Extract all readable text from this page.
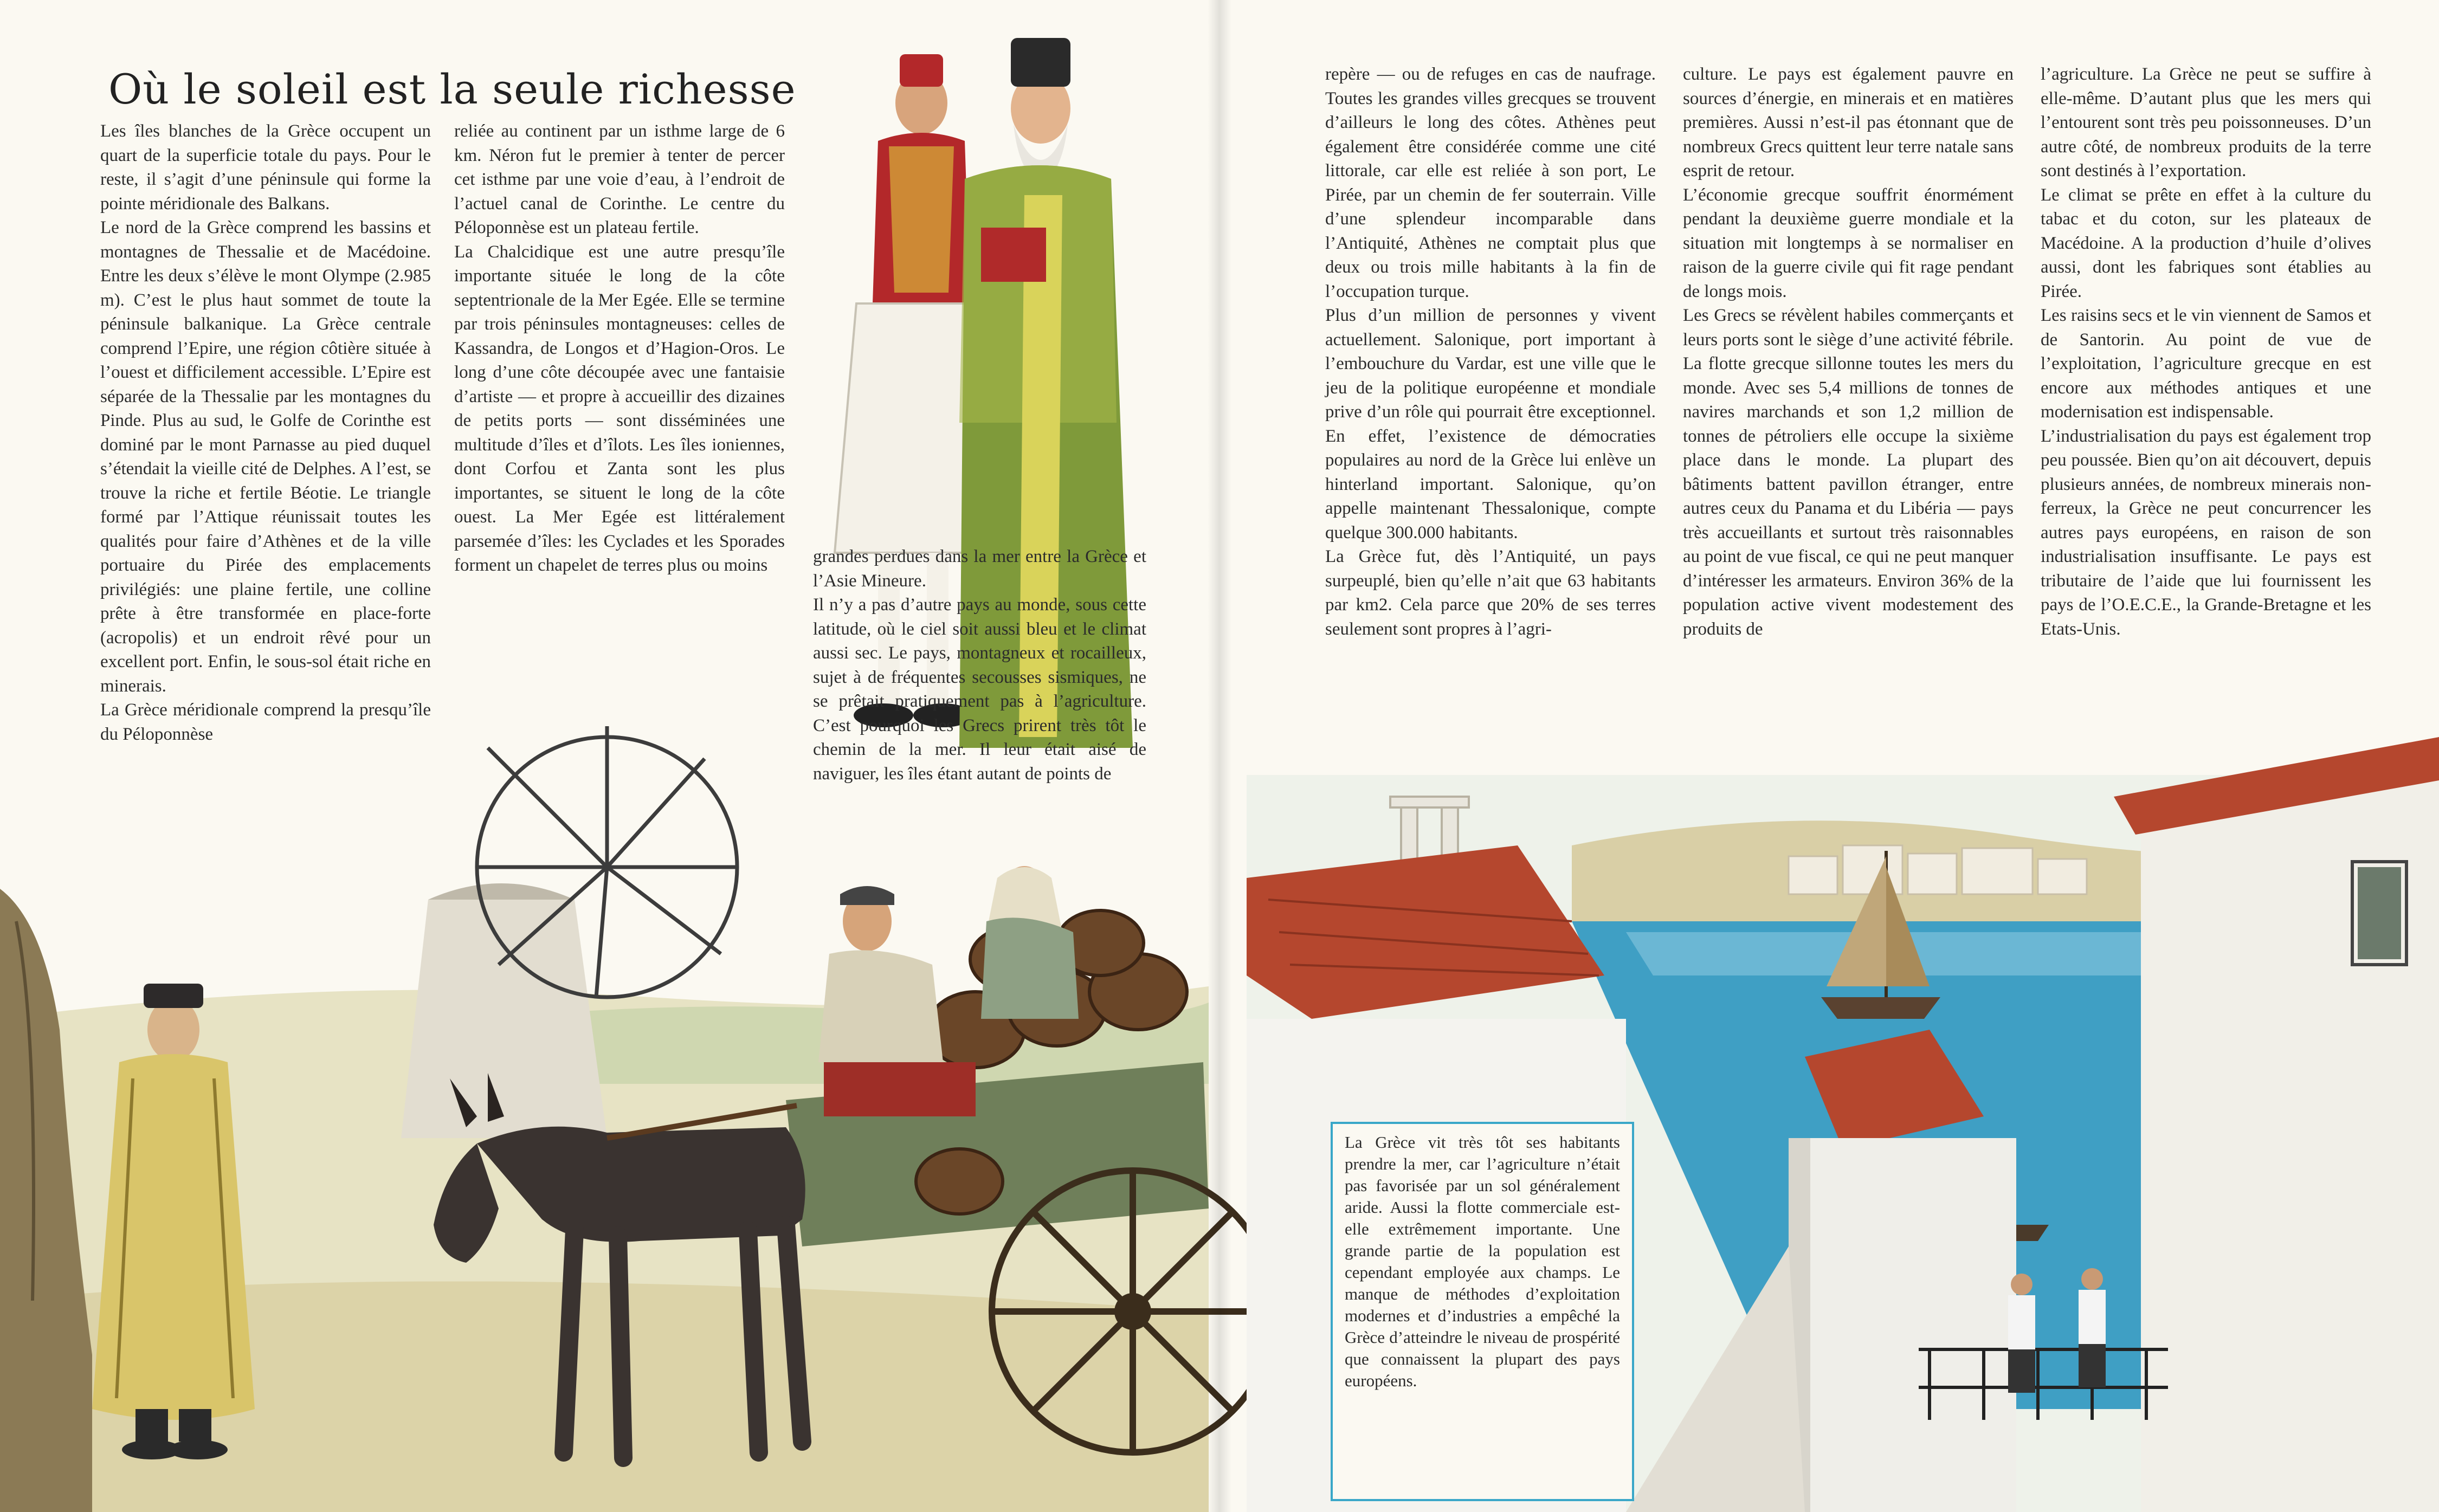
Où le soleil est la seule richesse

Les îles blanches de la Grèce occupent un quart de la superficie totale du pays. Pour le reste, il s’agit d’une péninsule qui forme la pointe méridionale des Balkans.

Le nord de la Grèce comprend les bassins et montagnes de Thessalie et de Macédoine. Entre les deux s’élève le mont Olympe (2.985 m). C’est le plus haut sommet de toute la péninsule balkanique. La Grèce centrale comprend l’Epire, une région côtière située à l’ouest et difficilement accessible. L’Epire est séparée de la Thessalie par les montagnes du Pinde. Plus au sud, le Golfe de Corinthe est dominé par le mont Parnasse au pied duquel s’étendait la vieille cité de Delphes. A l’est, se trouve la riche et fertile Béotie. Le triangle formé par l’Attique réunissait toutes les qualités pour faire d’Athènes et de la ville portuaire du Pirée des emplacements privilégiés: une plaine fertile, une colline prête à être transformée en place-forte (acropolis) et un endroit rêvé pour un excellent port. Enfin, le sous-sol était riche en minerais.

La Grèce méridionale comprend la presqu’île du Péloponnèse

reliée au continent par un isthme large de 6 km. Néron fut le premier à tenter de percer cet isthme par une voie d’eau, à l’endroit de l’actuel canal de Corinthe. Le centre du Péloponnèse est un plateau fertile.

La Chalcidique est une autre presqu’île importante située le long de la côte septentrionale de la Mer Egée. Elle se termine par trois péninsules montagneuses: celles de Kassandra, de Longos et d’Hagion-Oros. Le long d’une côte découpée avec une fantaisie d’artiste — et propre à accueillir des dizaines de petits ports — sont disséminées une multitude d’îles et d’îlots. Les îles ioniennes, dont Corfou et Zanta sont les plus importantes, se situent le long de la côte ouest. La Mer Egée est littéralement parsemée d’îles: les Cyclades et les Sporades forment un chapelet de terres plus ou moins	grandes perdues dans la mer entre la Grèce et l’Asie Mineure.

Il n’y a pas d’autre pays au monde, sous cette latitude, où le ciel soit aussi bleu et le climat aussi sec. Le pays, montagneux et rocailleux, sujet à de fréquentes secousses sismiques, ne se prêtait pratiquement pas à l’agriculture. C’est pourquoi les Grecs prirent très tôt le chemin de la mer. Il leur était aisé de naviguer, les îles étant autant de points de

repère — ou de refuges en cas de naufrage. Toutes les grandes villes grecques se trouvent d’ailleurs le long des côtes. Athènes peut également être considérée comme une cité littorale, car elle est reliée à son port, Le Pirée, par un chemin de fer souterrain. Ville d’une splendeur incomparable dans l’Antiquité, Athènes ne comptait plus que deux ou trois mille habitants à la fin de l’occupation turque.

Plus d’un million de personnes y vivent actuellement. Salonique, port important à l’embouchure du Vardar, est une ville que le jeu de la politique européenne et mondiale prive d’un rôle qui pourrait être exceptionnel. En effet, l’existence de démocraties populaires au nord de la Grèce lui enlève un hinterland important. Salonique, qu’on appelle maintenant Thessalonique, compte quelque 300.000 habitants.

La Grèce fut, dès l’Antiquité, un pays surpeuplé, bien qu’elle n’ait que 63 habitants par km2. Cela parce que 20% de ses terres seulement sont propres à l’agri-

culture. Le pays est également pauvre en sources d’énergie, en minerais et en matières premières. Aussi n’est-il pas étonnant que de nombreux Grecs quittent leur terre natale sans esprit de retour.

L’économie grecque souffrit énormément pendant la deuxième guerre mondiale et la situation mit longtemps à se normaliser en raison de la guerre civile qui fit rage pendant de longs mois.

Les Grecs se révèlent habiles commerçants et leurs ports sont le siège d’une activité fébrile. La flotte grecque sillonne toutes les mers du monde. Avec ses 5,4 millions de tonnes de navires marchands et son 1,2 million de tonnes de pétroliers elle occupe la sixième place dans le monde. La plupart des bâtiments battent pavillon étranger, entre autres ceux du Panama et du Libéria — pays très accueillants et surtout très raisonnables au point de vue fiscal, ce qui ne peut manquer d’intéresser les armateurs. Environ 36% de la population active vivent modestement des produits de

l’agriculture. La Grèce ne peut se suffire à elle-même. D’autant plus que les mers qui l’entourent sont très peu poissonneuses. D’un autre côté, de nombreux produits de la terre sont destinés à l’exportation.

Le climat se prête en effet à la culture du tabac et du coton, sur les plateaux de Macédoine. A la production d’huile d’olives aussi, dont les fabriques sont établies au Pirée.

Les raisins secs et le vin viennent de Samos et de Santorin. Au point de vue de l’exploitation, l’agriculture grecque en est encore aux méthodes antiques et une modernisation est indispensable.

L’industrialisation du pays est également trop peu poussée. Bien qu’on ait découvert, depuis plusieurs années, de nombreux minerais non-ferreux, la Grèce ne peut concurrencer les autres pays européens, en raison de son industrialisation insuffisante. Le pays est tributaire de l’aide que lui fournissent les pays de l’O.E.C.E., la Grande-Bretagne et les Etats-Unis.

La Grèce vit très tôt ses habitants prendre la mer, car l’agriculture n’était pas favorisée par un sol généralement aride. Aussi la flotte commerciale est-elle extrêmement importante. Une grande partie de la population est cependant employée aux champs. Le manque de méthodes d’exploitation modernes et d’industries a empêché la Grèce d’atteindre le niveau de prospérité que connaissent la plupart des pays européens.
